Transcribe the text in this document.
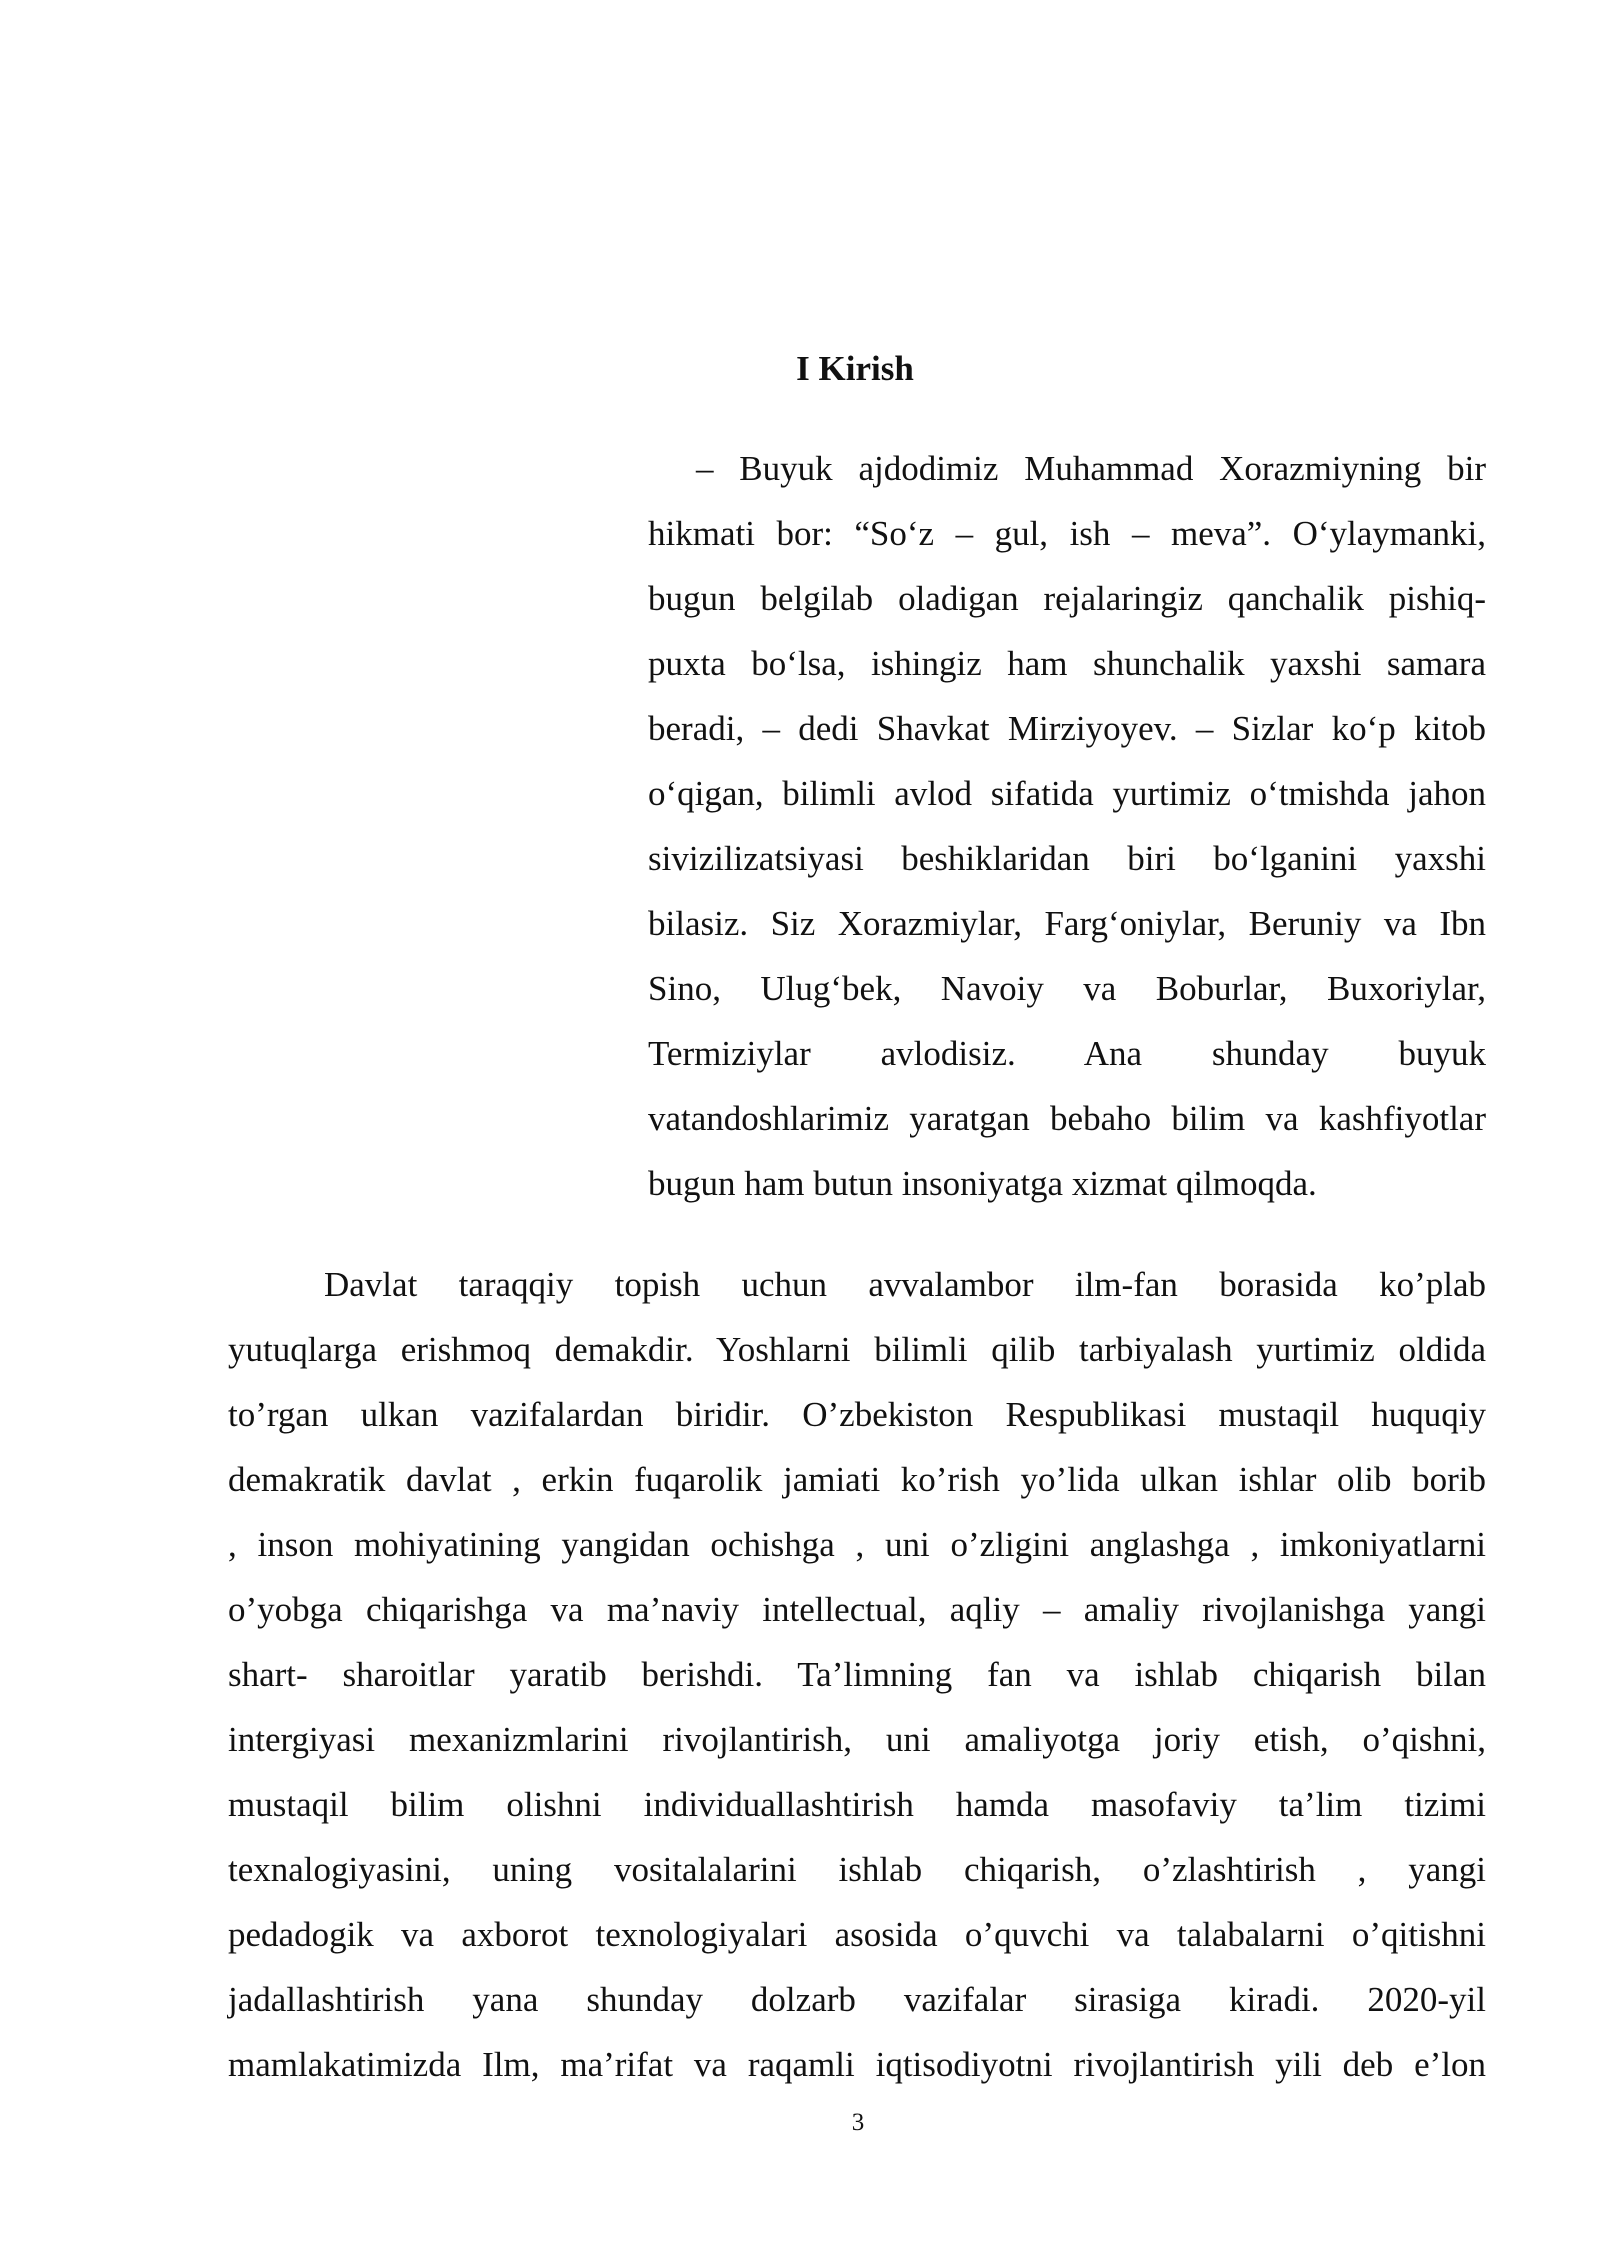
I Kirish
– Buyuk ajdodimiz Muhammad Xorazmiyning bir
hikmati bor: “So‘z – gul, ish – meva”. O‘ylaymanki,
bugun belgilab oladigan rejalaringiz qanchalik pishiq-
puxta bo‘lsa, ishingiz ham shunchalik yaxshi samara
beradi, – dedi Shavkat Mirziyoyev. – Sizlar ko‘p kitob
o‘qigan, bilimli avlod sifatida yurtimiz o‘tmishda jahon
sivizilizatsiyasi beshiklaridan biri bo‘lganini yaxshi
bilasiz. Siz Xorazmiylar, Farg‘oniylar, Beruniy va Ibn
Sino, Ulug‘bek, Navoiy va Boburlar, Buxoriylar,
Termiziylar avlodisiz. Ana shunday buyuk
vatandoshlarimiz yaratgan bebaho bilim va kashfiyotlar
bugun ham butun insoniyatga xizmat qilmoqda.
Davlat taraqqiy topish uchun avvalambor ilm-fan borasida ko’plab
yutuqlarga erishmoq demakdir. Yoshlarni bilimli qilib tarbiyalash yurtimiz oldida
to’rgan ulkan vazifalardan biridir. O’zbekiston Respublikasi mustaqil huquqiy
demakratik davlat , erkin fuqarolik jamiati ko’rish yo’lida ulkan ishlar olib borib
, inson mohiyatining yangidan ochishga , uni o’zligini anglashga , imkoniyatlarni
o’yobga chiqarishga va ma’naviy intellectual, aqliy – amaliy rivojlanishga yangi
shart- sharoitlar yaratib berishdi. Ta’limning fan va ishlab chiqarish bilan
intergiyasi mexanizmlarini rivojlantirish, uni amaliyotga joriy etish, o’qishni,
mustaqil bilim olishni individuallashtirish hamda masofaviy ta’lim tizimi
texnalogiyasini, uning vositalalarini ishlab chiqarish, o’zlashtirish , yangi
pedadogik va axborot texnologiyalari asosida o’quvchi va talabalarni o’qitishni
jadallashtirish yana shunday dolzarb vazifalar sirasiga kiradi. 2020-yil
mamlakatimizda Ilm, ma’rifat va raqamli iqtisodiyotni rivojlantirish yili deb e’lon
3
